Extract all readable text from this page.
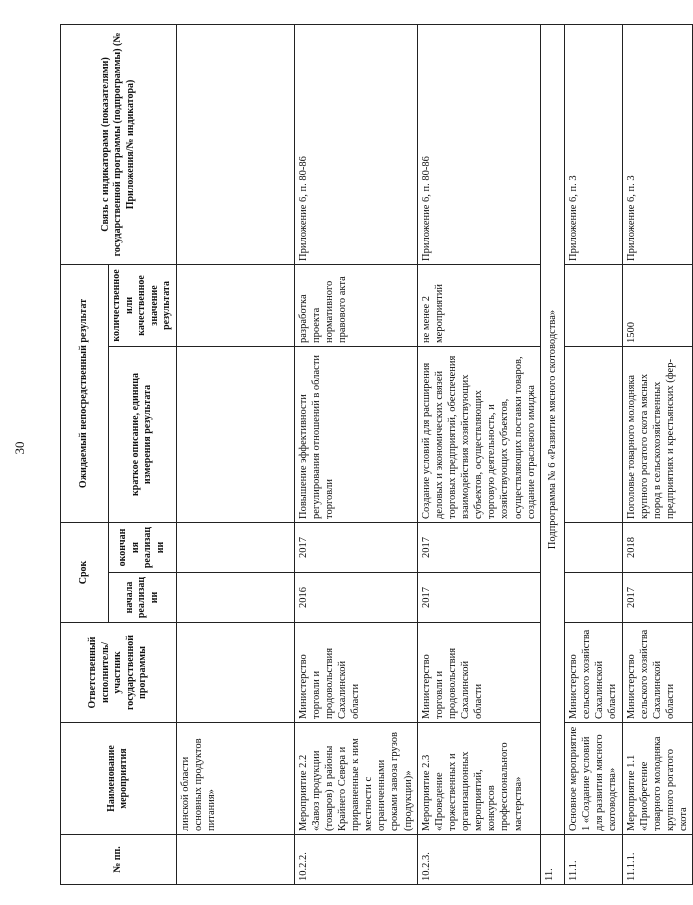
30
№ пп.	Наименование мероприятия	Ответственный исполнитель/участник государственной программы	Срок		Ожидаемый непосредственный результат		Связь с индикаторами (показателями) государственной программы (подпрограммы) (№ Приложения/№ индикатора)
			начала реализации	окончания реализации	краткое описание, единица измерения результата	количественное или качественное значение результата	
	линской области основных продуктов питания»						
10.2.2.	Мероприятие 2.2 «Завоз продукции (товаров) в районы Крайнего Севера и приравненные к ним местности с ограниченными сроками завоза грузов (продукции)»	Министерство торговли и продовольствия Сахалинской области	2016	2017	Повышение эффективности регулирования отношений в области торговли	разработка проекта нормативного правового акта	Приложение 6, п. 80-86
10.2.3.	Мероприятие 2.3 «Проведение торжественных и организационных мероприятий, конкурсов профессионального мастерства»	Министерство торговли и продовольствия Сахалинской области	2017	2017	Создание условий для расширения деловых и экономических связей торговых предприятий, обеспечения взаимодействия хозяйствующих субъектов, осуществляющих торговую деятельность, и хозяйствующих субъектов, осуществляющих поставки товаров, создание отраслевого имиджа	не менее 2 мероприятий	Приложение 6, п. 80-86
11.	Подпрограмма № 6 «Развитие мясного скотоводства»						
11.1.	Основное мероприятие 1 «Создание условий для развития мясного скотоводства»	Министерство сельского хозяйства Сахалинской области					Приложение 6, п. 3
11.1.1.	Мероприятие 1.1 «Приобретение товарного молодняка крупного рогатого скота	Министерство сельского хозяйства Сахалинской области	2017	2018	Поголовье товарного молодняка крупного рогатого скота мясных пород в сельскохозяйственных предприятиях и крестьянских (фер-	1500	Приложение 6, п. 3
